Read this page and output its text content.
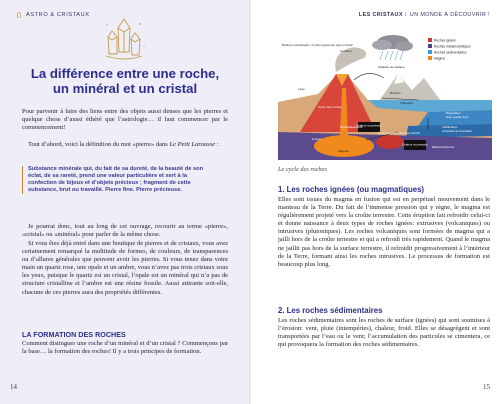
ASTRO & CRISTAUX
La différence entre une roche,
un minéral et un cristal

Pour parvenir à faire des liens entre des objets aussi denses que les pierres et quelque chose d’aussi éthéré que l’astrologie… il faut commencer par le commencement!

Tout d’abord, voici la définition du mot «pierre» dans Le Petit Larousse :

Substance minérale qui, du fait de sa dureté, de la beauté de son éclat, de sa rareté, prend une valeur particulière et sert à la confection de bijoux et d’objets précieux ; fragment de cette substance, brut ou travaillé. Pierre fine. Pierre précieuse.

Je pourrai donc, tout au long de cet ouvrage, recourir au terme «pierre», «cristal» ou «minéral» pour parler de la même chose.

Si vous êtes déjà entré dans une boutique de pierres et de cristaux, vous avez certainement remarqué la multitude de formes, de couleurs, de transparences ou d’allures générales que peuvent avoir les pierres. Si vous tenez dans votre main un quartz rose, une opale et un ambre, vous n’avez pas trois cristaux sous les yeux, puisque le quartz est un cristal, l’opale est un minéral qui n’a pas de structure cristalline et l’ambre est une résine fossile. Aussi attirante soit-elle, chacune de ces pierres aura des propriétés différentes.

LA FORMATION DES ROCHES

Comment distinguer une roche d’un minéral et d’un cristal ? Commençons par la base… la formation des roches! Il y a trois principes de formation.

14
LES CRISTAUX : UN MONDE À DÉCOUVRIR !
15
Chaleur et pression
Chaleur et pression
Roches volcaniques, roches ignées de type extrusif
Cendres
Ablation de surface
Lave
Érosion
Transport
Déposition
boue, gravier, limon
Lithification
compaction et cimentation
Cycle des roches
Roches ignées de type intrusif
Métamorphisme
Fusion
Refroidissement
Magma
Roches ignées
Roches métamorphiques
Roches sédimentaires
Magma
Le cycle des roches
1. Les roches ignées (ou magmatiques)

Elles sont issues du magma en fusion qui est en perpétuel mouvement dans le manteau de la Terre. Du fait de l’immense pression qui y règne, le magma est régulièrement projeté vers la croûte terrestre. Cette éruption fait refroidir celui-ci et donne naissance à deux types de roches ignées: extrusives (volcaniques) ou intrusives (plutoniques). Les roches volcaniques sont formées de magma qui a jailli hors de la croûte terrestre et qui a refroidi très rapidement. Quand le magma ne jaillit pas hors de la surface terrestre, il refroidit progressivement à l’intérieur de la Terre, formant ainsi les roches intrusives. Le processus de formation est beaucoup plus long.

2. Les roches sédimentaires

Les roches sédimentaires sont les roches de surface (ignées) qui sont soumises à l’érosion: vent, pluie (intempéries), chaleur, froid. Elles se désagrègent et sont transportées par l’eau ou le vent; l’accumulation des particules se cimentera, ce qui provoquera la formation des roches sédimentaires.
